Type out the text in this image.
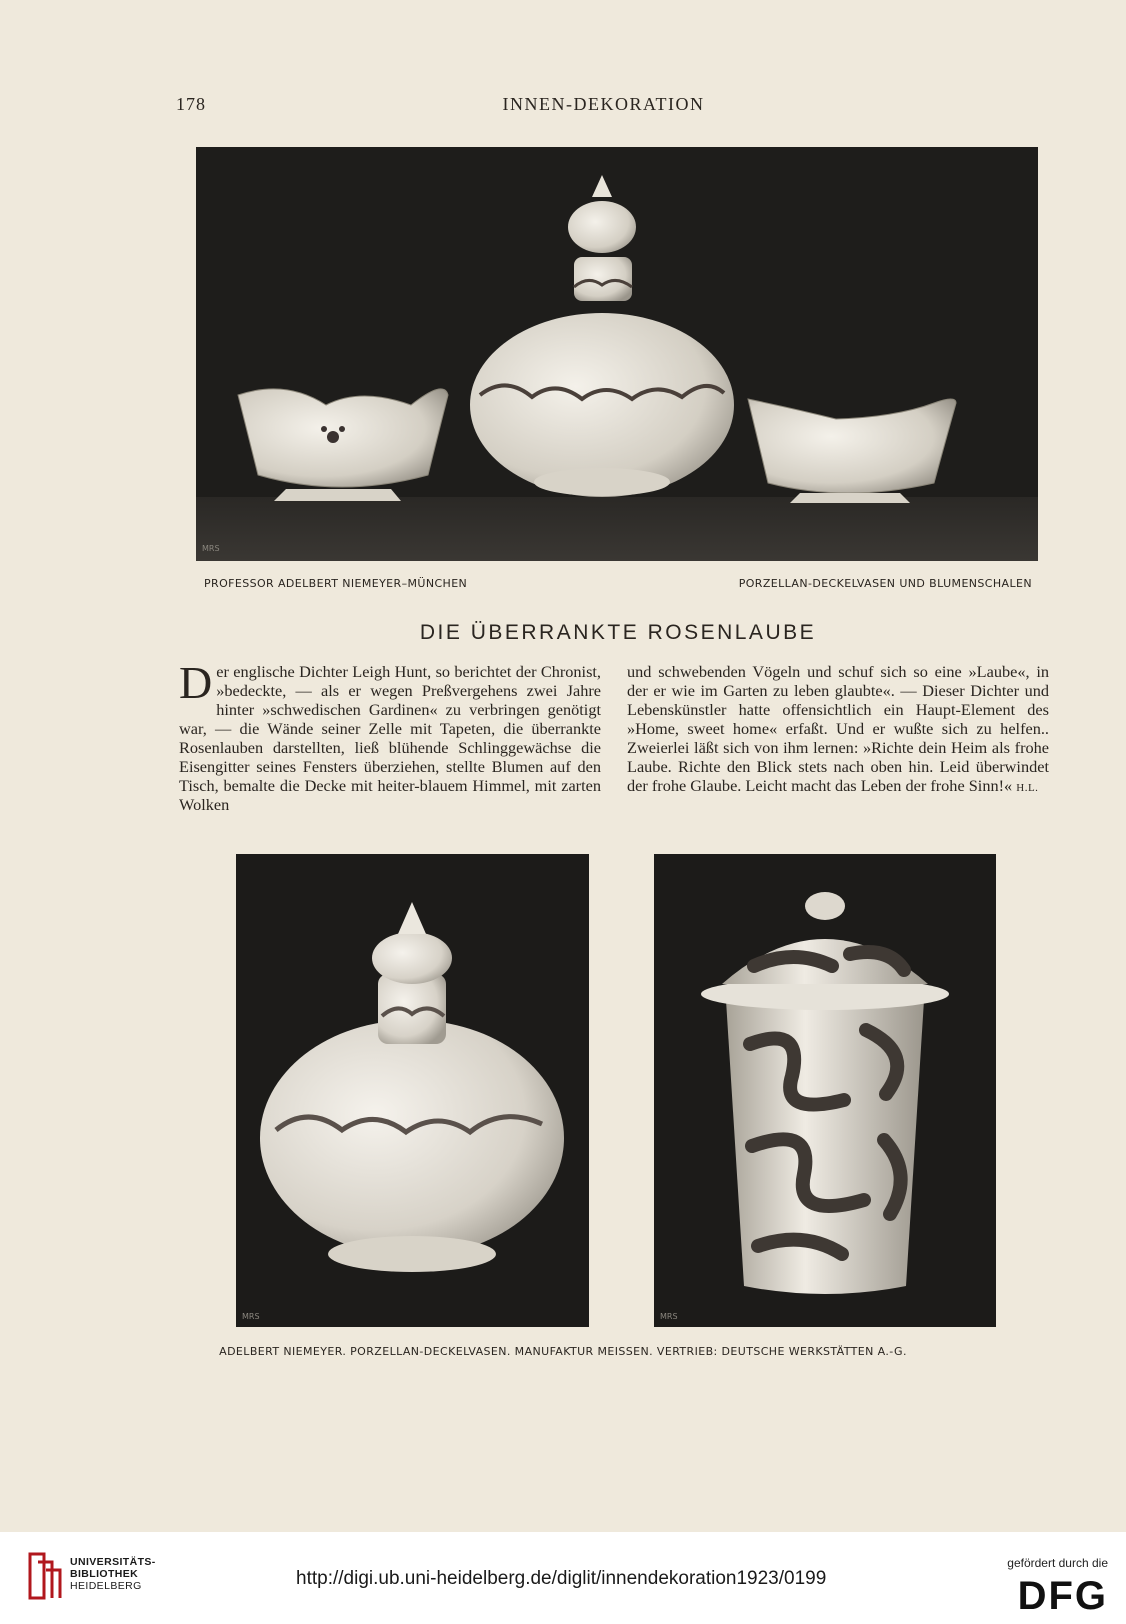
178	INNEN-DEKORATION
MRS
PROFESSOR ADELBERT NIEMEYER–MÜNCHEN	PORZELLAN-DECKELVASEN UND BLUMENSCHALEN
DIE ÜBERRANKTE ROSENLAUBE
Der englische Dichter Leigh Hunt, so berichtet der Chronist, »bedeckte, — als er wegen Preßvergehens zwei Jahre hinter »schwedischen Gardinen« zu verbringen genötigt war, — die Wände seiner Zelle mit Tapeten, die überrankte Rosenlauben darstellten, ließ blühende Schlinggewächse die Eisengitter seines Fensters überziehen, stellte Blumen auf den Tisch, bemalte die Decke mit heiter-blauem Himmel, mit zarten Wolken
und schwebenden Vögeln und schuf sich so eine »Laube«, in der er wie im Garten zu leben glaubte«. — Dieser Dichter und Lebenskünstler hatte offensichtlich ein Haupt-Element des »Home, sweet home« erfaßt. Und er wußte sich zu helfen.. Zweierlei läßt sich von ihm lernen: »Richte dein Heim als frohe Laube. Richte den Blick stets nach oben hin. Leid überwindet der frohe Glaube. Leicht macht das Leben der frohe Sinn!« H.L.
MRS	MRS
ADELBERT NIEMEYER. PORZELLAN-DECKELVASEN. MANUFAKTUR MEISSEN. VERTRIEB: DEUTSCHE WERKSTÄTTEN A.-G.
UNIVERSITÄTS-
BIBLIOTHEK
HEIDELBERG	http://digi.ub.uni-heidelberg.de/diglit/innendekoration1923/0199
gefördert durch die
DFG
